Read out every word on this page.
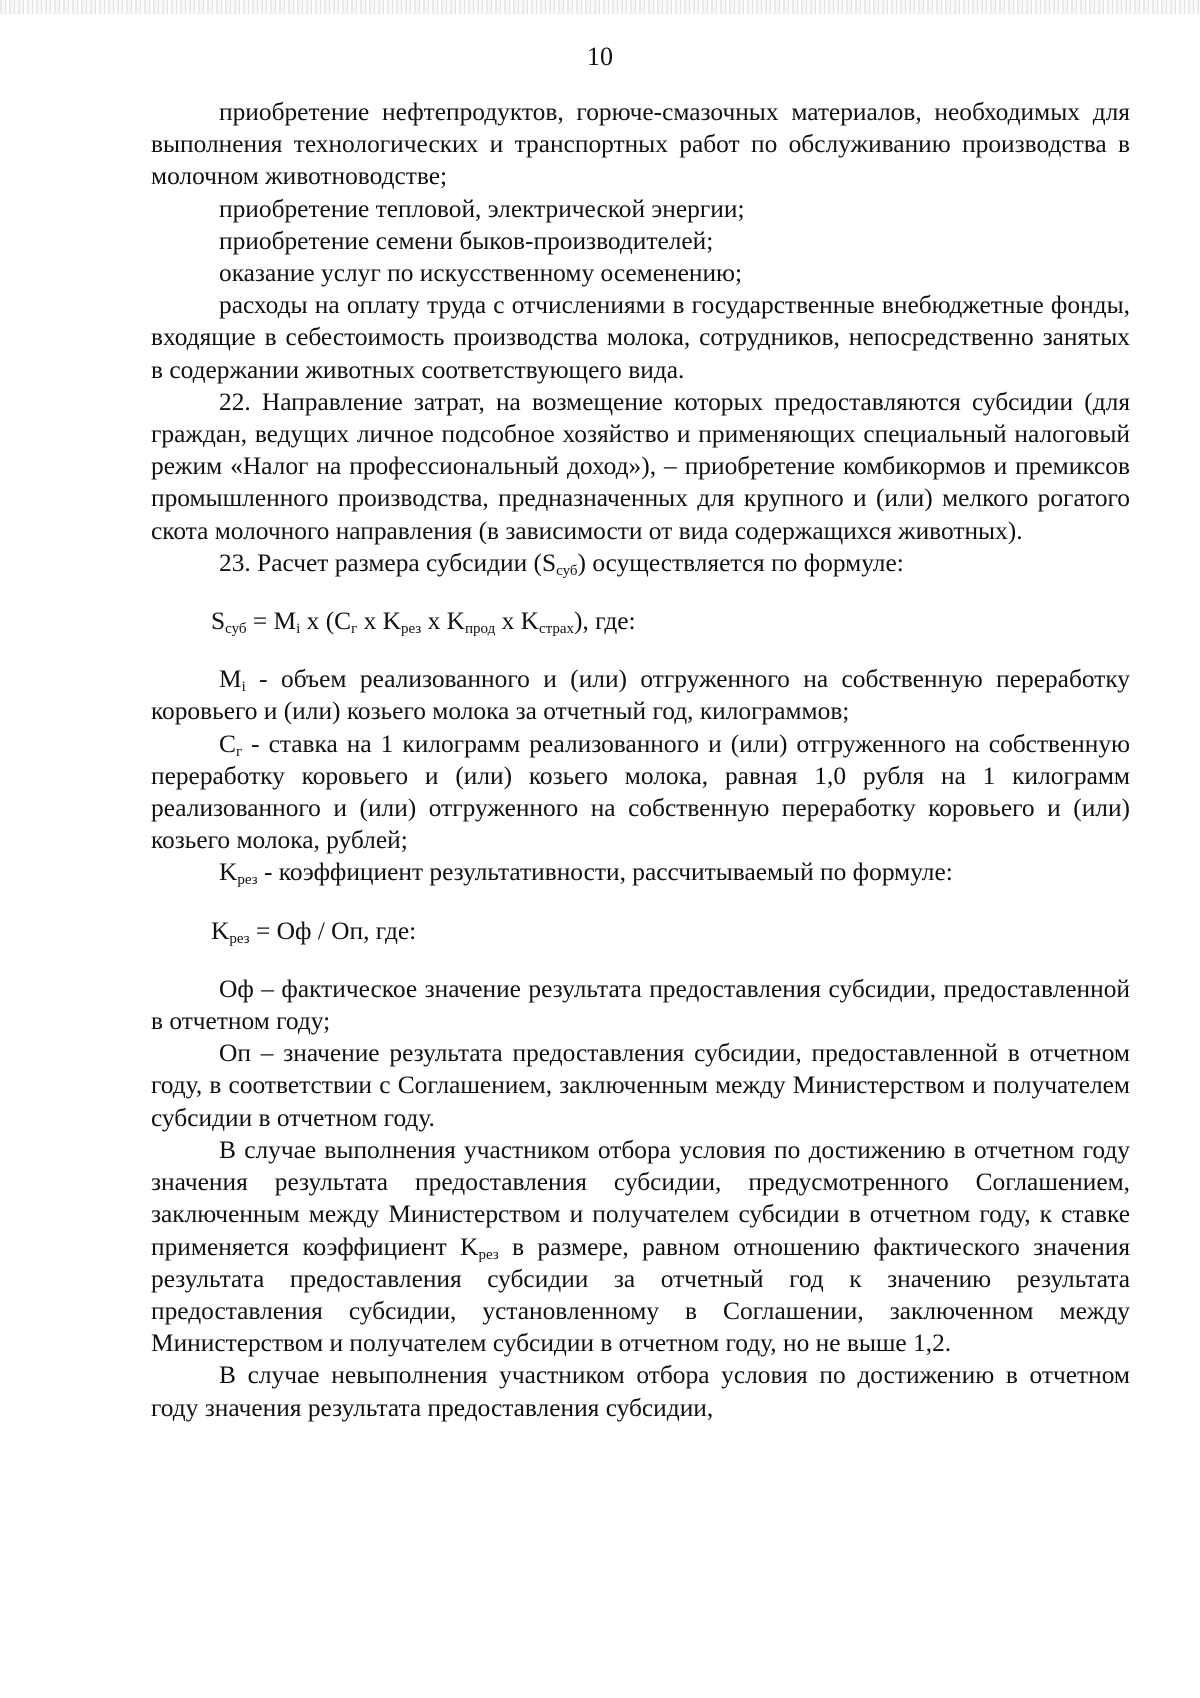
10

приобретение нефтепродуктов, горюче-смазочных материалов, необходимых для выполнения технологических и транспортных работ по обслуживанию производства в молочном животноводстве;

приобретение тепловой, электрической энергии;

приобретение семени быков-производителей;

оказание услуг по искусственному осеменению;

расходы на оплату труда с отчислениями в государственные внебюджетные фонды, входящие в себестоимость производства молока, сотрудников, непосредственно занятых в содержании животных соответствующего вида.

22. Направление затрат, на возмещение которых предоставляются субсидии (для граждан, ведущих личное подсобное хозяйство и применяющих специальный налоговый режим «Налог на профессиональный доход»), – приобретение комбикормов и премиксов промышленного производства, предназначенных для крупного и (или) мелкого рогатого скота молочного направления (в зависимости от вида содержащихся животных).

23. Расчет размера субсидии $(S_{суб})$ осуществляется по формуле:

$S_{суб} = M_i$ x ($C_г$ x $K_{рез}$ x $K_{прод}$ x $K_{страх}$), где:

$M_i$ - объем реализованного и (или) отгруженного на собственную переработку коровьего и (или) козьего молока за отчетный год, килограммов;

$C_г$ - ставка на 1 килограмм реализованного и (или) отгруженного на собственную переработку коровьего и (или) козьего молока, равная 1,0 рубля на 1 килограмм реализованного и (или) отгруженного на собственную переработку коровьего и (или) козьего молока, рублей;

$K_{рез}$ - коэффициент результативности, рассчитываемый по формуле:

$K_{рез}$ = Оф / Оп, где:

Оф – фактическое значение результата предоставления субсидии, предоставленной в отчетном году;

Оп – значение результата предоставления субсидии, предоставленной в отчетном году, в соответствии с Соглашением, заключенным между Министерством и получателем субсидии в отчетном году.

В случае выполнения участником отбора условия по достижению в отчетном году значения результата предоставления субсидии, предусмотренного Соглашением, заключенным между Министерством и получателем субсидии в отчетном году, к ставке применяется коэффициент $K_{рез}$ в размере, равном отношению фактического значения результата предоставления субсидии за отчетный год к значению результата предоставления субсидии, установленному в Соглашении, заключенном между Министерством и получателем субсидии в отчетном году, но не выше 1,2.

В случае невыполнения участником отбора условия по достижению в отчетном году значения результата предоставления субсидии,
